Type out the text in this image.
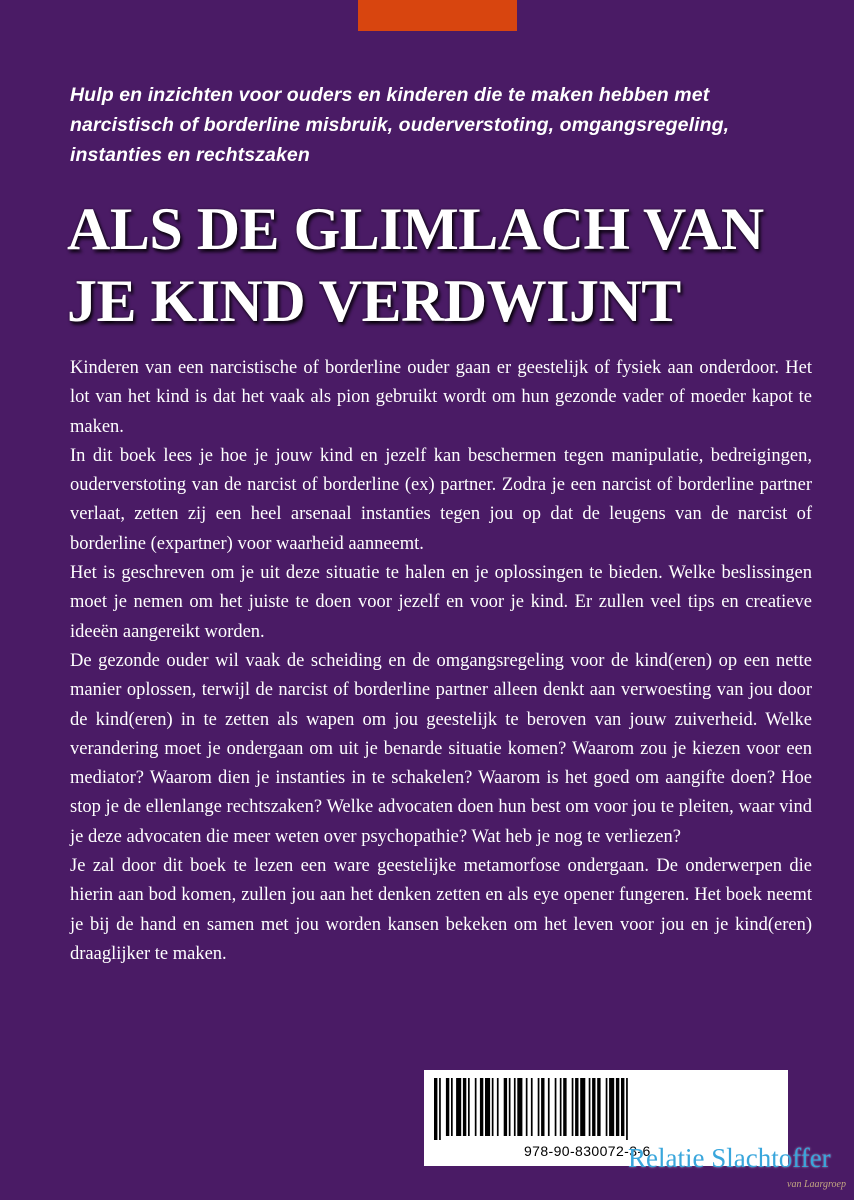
Hulp en inzichten voor ouders en kinderen die te maken hebben met narcistisch of borderline misbruik, ouderverstoting, omgangsregeling, instanties en rechtszaken
ALS DE GLIMLACH VAN
JE KIND VERDWIJNT

Kinderen van een narcistische of borderline ouder gaan er geestelijk of fysiek aan onderdoor. Het lot van het kind is dat het vaak als pion gebruikt wordt om hun gezonde vader of moeder kapot te maken.

In dit boek lees je hoe je jouw kind en jezelf kan beschermen tegen manipulatie, bedreigingen, ouderverstoting van de narcist of borderline (ex) partner. Zodra je een narcist of borderline partner verlaat, zetten zij een heel arsenaal instanties tegen jou op dat de leugens van de narcist of borderline (expartner) voor waarheid aanneemt.

Het is geschreven om je uit deze situatie te halen en je oplossingen te bieden. Welke beslissingen moet je nemen om het juiste te doen voor jezelf en voor je kind. Er zullen veel tips en creatieve ideeën aangereikt worden.

De gezonde ouder wil vaak de scheiding en de omgangsregeling voor de kind(eren) op een nette manier oplossen, terwijl de narcist of borderline partner alleen denkt aan verwoesting van jou door de kind(eren) in te zetten als wapen om jou geestelijk te beroven van jouw zuiverheid. Welke verandering moet je ondergaan om uit je benarde situatie komen? Waarom zou je kiezen voor een mediator? Waarom dien je instanties in te schakelen? Waarom is het goed om aangifte doen? Hoe stop je de ellenlange rechtszaken? Welke advocaten doen hun best om voor jou te pleiten, waar vind je deze advocaten die meer weten over psychopathie? Wat heb je nog te verliezen?

Je zal door dit boek te lezen een ware geestelijke metamorfose ondergaan. De onderwerpen die hierin aan bod komen, zullen jou aan het denken zetten en als eye opener fungeren. Het boek neemt je bij de hand en samen met jou worden kansen bekeken om het leven voor jou en je kind(eren) draaglijker te maken.

978-90-830072-3-6
Relatie Slachtoffer
van Laargroep
